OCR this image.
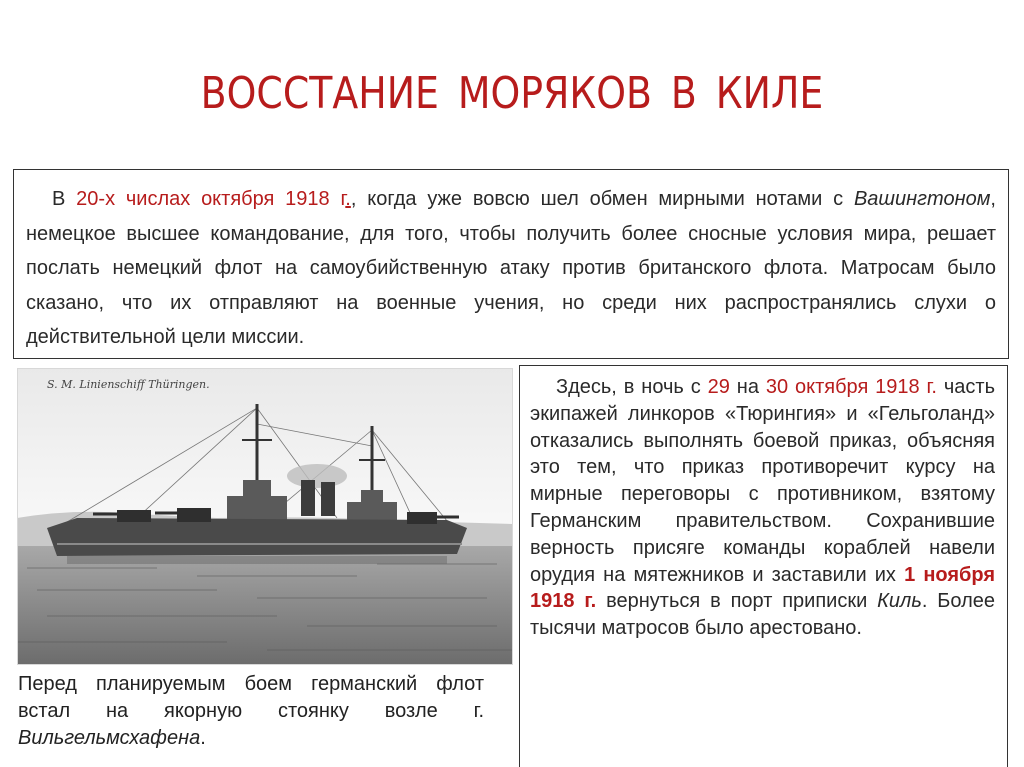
ВОССТАНИЕ МОРЯКОВ В КИЛЕ
В 20-х числах октября 1918 г., когда уже вовсю шел обмен мирными нотами с Вашингтоном, немецкое высшее командование, для того, чтобы получить более сносные условия мира, решает послать немецкий флот на самоубийственную атаку против британского флота. Матросам было сказано, что их отправляют на военные учения, но среди них распространялись слухи о действительной цели миссии.
S. M. Linienschiff Thüringen.
Перед планируемым боем германский флот встал на якорную стоянку возле г. Вильгельмсхафена.
Здесь, в ночь с 29 на 30 октября 1918 г. часть экипажей линкоров «Тюрингия» и «Гельголанд» отказались выполнять боевой приказ, объясняя это тем, что приказ противоречит курсу на мирные переговоры с противником, взятому Германским правительством. Сохранившие верность присяге команды кораблей навели орудия на мятежников и заставили их 1 ноября 1918 г. вернуться в порт приписки Киль. Более тысячи матросов было арестовано.
